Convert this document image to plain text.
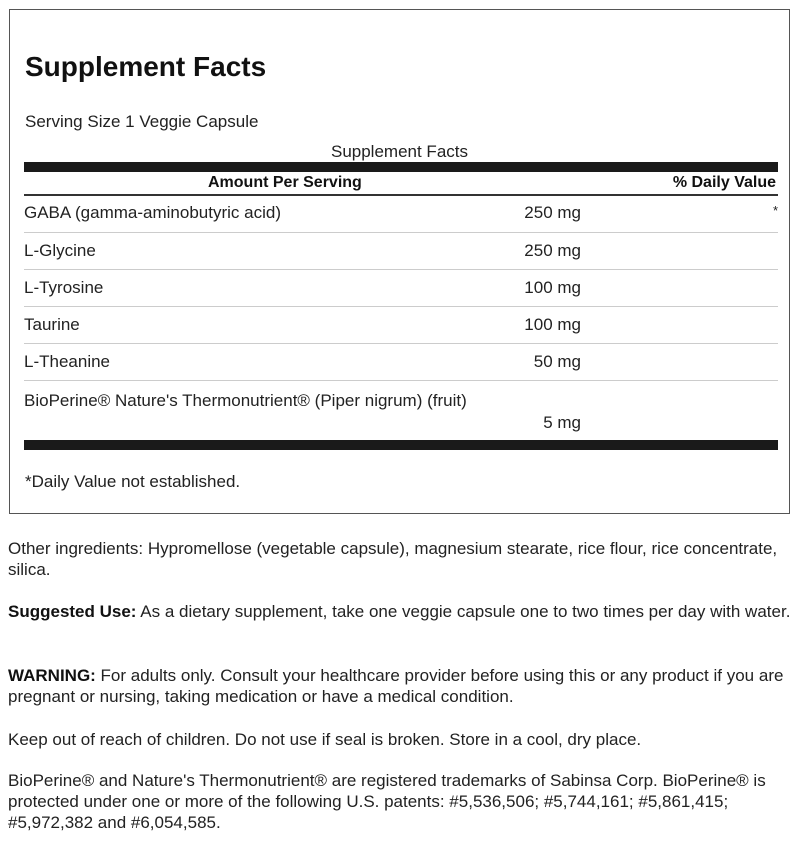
Supplement Facts
Serving Size 1 Veggie Capsule
Supplement Facts
Amount Per Serving	% Daily Value
GABA (gamma-aminobutyric acid)	250 mg	*
L-Glycine	250 mg
L-Tyrosine	100 mg
Taurine	100 mg
L-Theanine	50 mg
BioPerine® Nature's Thermonutrient® (Piper nigrum) (fruit)
5 mg
*Daily Value not established.
Other ingredients: Hypromellose (vegetable capsule), magnesium stearate, rice flour, rice concentrate, silica.
Suggested Use: As a dietary supplement, take one veggie capsule one to two times per day with water.
WARNING: For adults only. Consult your healthcare provider before using this or any product if you are pregnant or nursing, taking medication or have a medical condition.
Keep out of reach of children. Do not use if seal is broken. Store in a cool, dry place.
BioPerine® and Nature's Thermonutrient® are registered trademarks of Sabinsa Corp. BioPerine® is protected under one or more of the following U.S. patents: #5,536,506; #5,744,161; #5,861,415; #5,972,382 and #6,054,585.
